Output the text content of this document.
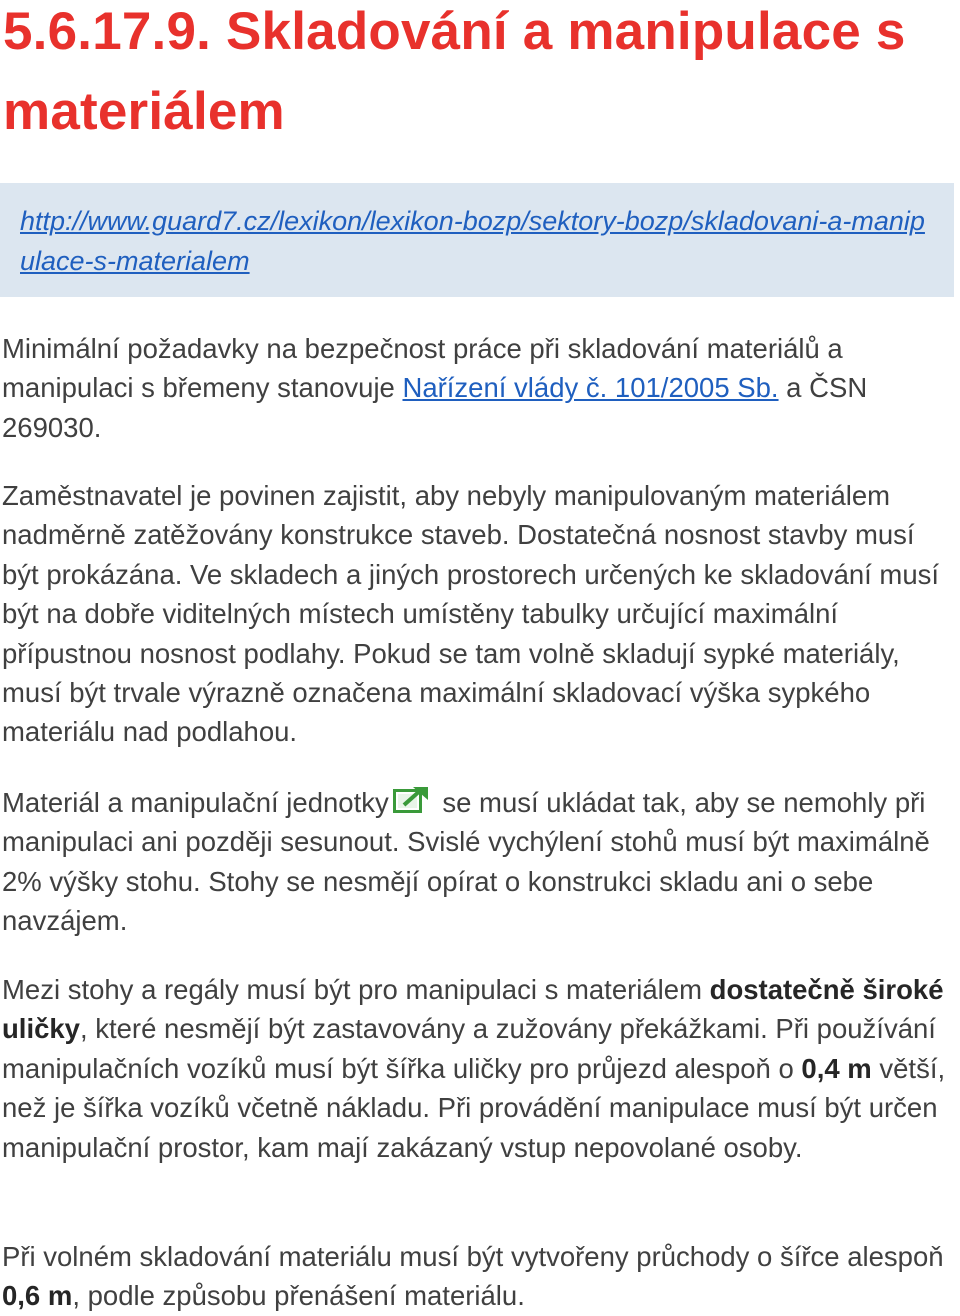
5.6.17.9. Skladování a manipulace s materiálem
http://www.guard7.cz/lexikon/lexikon-bozp/sektory-bozp/skladovani-a-manipulace-s-materialem

Minimální požadavky na bezpečnost práce při skladování materiálů a manipulaci s břemeny stanovuje Nařízení vlády č. 101/2005 Sb. a ČSN 269030.

Zaměstnavatel je povinen zajistit, aby nebyly manipulovaným materiálem nadměrně zatěžovány konstrukce staveb. Dostatečná nosnost stavby musí být prokázána. Ve skladech a jiných prostorech určených ke skladování musí být na dobře viditelných místech umístěny tabulky určující maximální přípustnou nosnost podlahy. Pokud se tam volně skladují sypké materiály, musí být trvale výrazně označena maximální skladovací výška sypkého materiálu nad podlahou.

Materiál a manipulační jednotky se musí ukládat tak, aby se nemohly při manipulaci ani později sesunout. Svislé vychýlení stohů musí být maximálně 2% výšky stohu. Stohy se nesmějí opírat o konstrukci skladu ani o sebe navzájem.

Mezi stohy a regály musí být pro manipulaci s materiálem dostatečně široké uličky, které nesmějí být zastavovány a zužovány překážkami. Při používání manipulačních vozíků musí být šířka uličky pro průjezd alespoň o 0,4 m větší, než je šířka vozíků včetně nákladu. Při provádění manipulace musí být určen manipulační prostor, kam mají zakázaný vstup nepovolané osoby.

Při volném skladování materiálu musí být vytvořeny průchody o šířce alespoň 0,6 m, podle způsobu přenášení materiálu.
